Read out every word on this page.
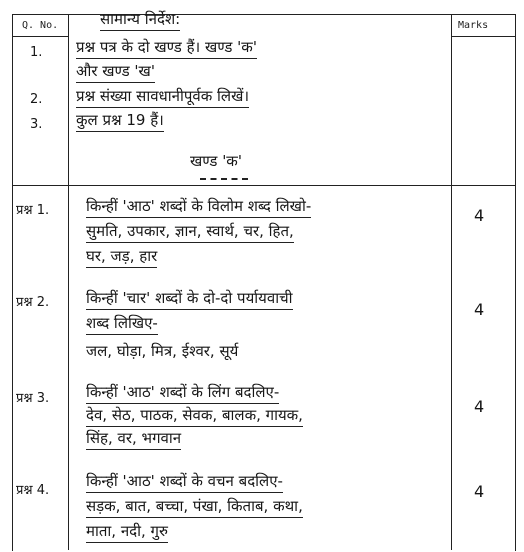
Q. No.	Marks
सामान्य निर्देश:
1. प्रश्न पत्र के दो खण्ड हैं। खण्ड 'क'
और खण्ड 'ख'
2. प्रश्न संख्या सावधानीपूर्वक लिखें।
3. कुल प्रश्न 19 हैं।
खण्ड 'क'
प्रश्न 1. किन्हीं 'आठ' शब्दों के विलोम शब्द लिखो-
सुमति, उपकार, ज्ञान, स्वार्थ, चर, हित,
घर, जड़, हार
4
प्रश्न 2. किन्हीं 'चार' शब्दों के दो-दो पर्यायवाची
शब्द लिखिए-
जल, घोड़ा, मित्र, ईश्वर, सूर्य
4
प्रश्न 3. किन्हीं 'आठ' शब्दों के लिंग बदलिए-
देव, सेठ, पाठक, सेवक, बालक, गायक,
सिंह, वर, भगवान
4
प्रश्न 4.
किन्हीं 'आठ' शब्दों के वचन बदलिए-
सड़क, बात, बच्चा, पंखा, किताब, कथा,
माता, नदी, गुरु
4
